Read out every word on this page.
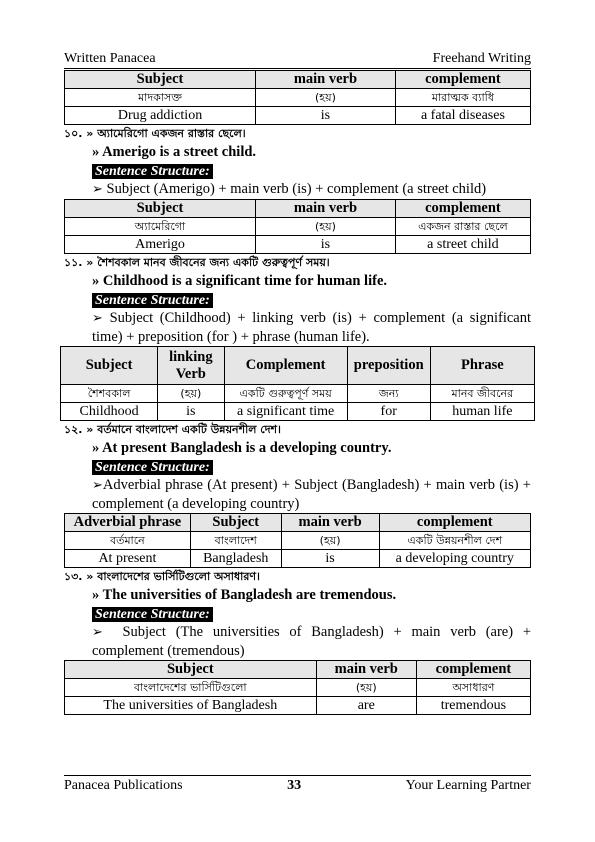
Written Panacea	Freehand Writing
Subject	main verb	complement
মাদকাসক্ত	(হয়)	মারাত্মক ব্যাধি
Drug addiction	is	a fatal diseases
১০. » অ্যামেরিগো একজন রাস্তার ছেলে।
» Amerigo is a street child.
Sentence Structure:
➢ Subject (Amerigo) + main verb (is) + complement (a street child)
Subject	main verb	complement
অ্যামেরিগো	(হয়)	একজন রাস্তার ছেলে
Amerigo	is	a street child
১১. » শৈশবকাল মানব জীবনের জন্য একটি গুরুত্বপূর্ণ সময়।
» Childhood is a significant time for human life.
Sentence Structure:
➢ Subject (Childhood) + linking verb (is) + complement (a significant time) + preposition (for ) + phrase (human life).
Subject	linking Verb	Complement	preposition	Phrase
শৈশবকাল	(হয়)	একটি গুরুত্বপূর্ণ সময়	জন্য	মানব জীবনের
Childhood	is	a significant time	for	human life
১২. » বর্তমানে বাংলাদেশ একটি উন্নয়নশীল দেশ।
» At present Bangladesh is a developing country.
Sentence Structure:
➢Adverbial phrase (At present) + Subject (Bangladesh) + main verb (is) + complement (a developing country)
Adverbial phrase	Subject	main verb	complement
বর্তমানে	বাংলাদেশ	(হয়)	একটি উন্নয়নশীল দেশ
At present	Bangladesh	is	a developing country
১৩. » বাংলাদেশের ভার্সিটিগুলো অসাধারণ।
» The universities of Bangladesh are tremendous.
Sentence Structure:
➢ Subject (The universities of Bangladesh) + main verb (are) + complement (tremendous)
Subject	main verb	complement
বাংলাদেশের ভার্সিটিগুলো	(হয়)	অসাধারণ
The universities of Bangladesh	are	tremendous
Panacea Publications	33	Your Learning Partner
